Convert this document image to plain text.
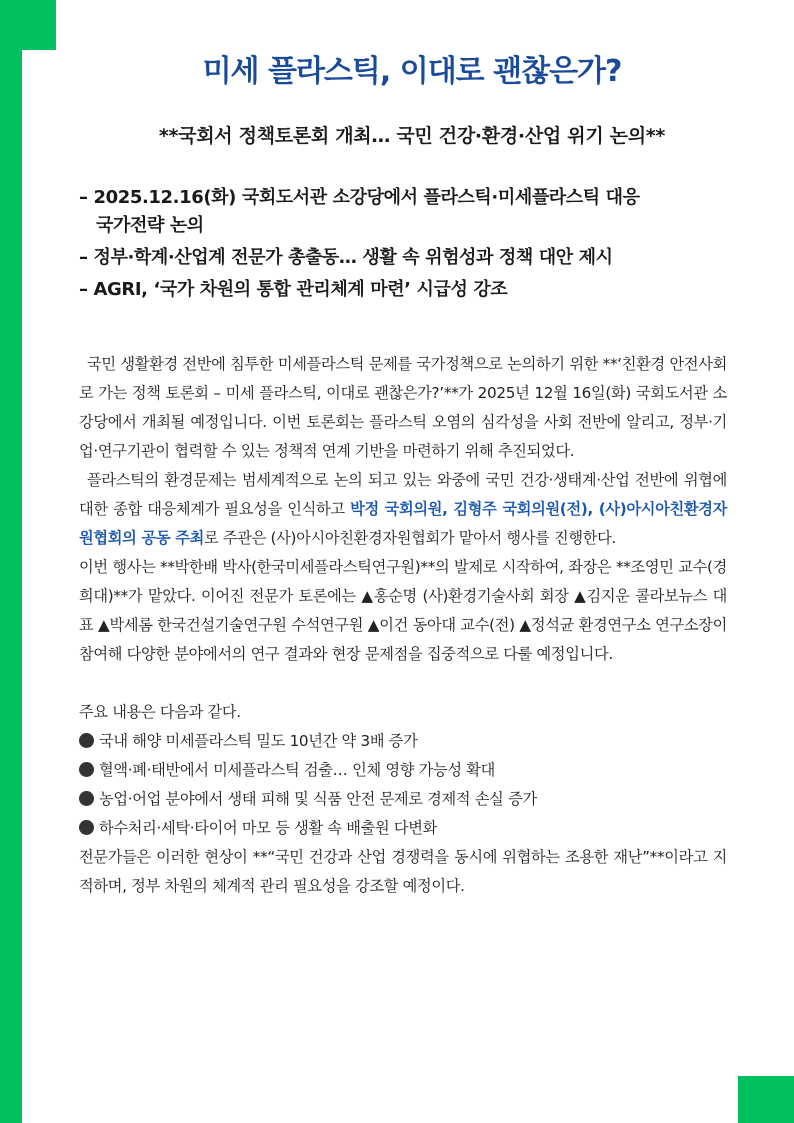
미세 플라스틱, 이대로 괜찮은가?
**국회서 정책토론회 개최… 국민 건강·환경·산업 위기 논의**
– 2025.12.16(화) 국회도서관 소강당에서 플라스틱·미세플라스틱 대응
국가전략 논의
– 정부·학계·산업계 전문가 총출동… 생활 속 위험성과 정책 대안 제시
– AGRI, ‘국가 차원의 통합 관리체계 마련’ 시급성 강조

국민 생활환경 전반에 침투한 미세플라스틱 문제를 국가정책으로 논의하기 위한 **‘친환경 안전사회로 가는 정책 토론회 – 미세 플라스틱, 이대로 괜찮은가?’**가 2025년 12월 16일(화) 국회도서관 소강당에서 개최될 예정입니다. 이번 토론회는 플라스틱 오염의 심각성을 사회 전반에 알리고, 정부·기업·연구기관이 협력할 수 있는 정책적 연계 기반을 마련하기 위해 추진되었다.

플라스틱의 환경문제는 범세계적으로 논의 되고 있는 와중에 국민 건강·생태계·산업 전반에 위협에 대한 종합 대응체계가 필요성을 인식하고 박정 국회의원, 김형주 국회의원(전), (사)아시아친환경자원협회의 공동 주최로 주관은 (사)아시아친환경자원협회가 맡아서 행사를 진행한다.

이번 행사는 **박한배 박사(한국미세플라스틱연구원)**의 발제로 시작하여, 좌장은 **조영민 교수(경희대)**가 맡았다. 이어진 전문가 토론에는 ▲홍순명 (사)환경기술사회 회장 ▲김지운 콜라보뉴스 대표 ▲박세롬 한국건설기술연구원 수석연구원 ▲이건 동아대 교수(전) ▲정석균 환경연구소 연구소장이 참여해 다양한 분야에서의 연구 결과와 현장 문제점을 집중적으로 다룰 예정입니다.

주요 내용은 다음과 같다.

국내 해양 미세플라스틱 밀도 10년간 약 3배 증가

혈액·폐·태반에서 미세플라스틱 검출… 인체 영향 가능성 확대

농업·어업 분야에서 생태 피해 및 식품 안전 문제로 경제적 손실 증가

하수처리·세탁·타이어 마모 등 생활 속 배출원 다변화

전문가들은 이러한 현상이 **“국민 건강과 산업 경쟁력을 동시에 위협하는 조용한 재난”**이라고 지적하며, 정부 차원의 체계적 관리 필요성을 강조할 예정이다.
